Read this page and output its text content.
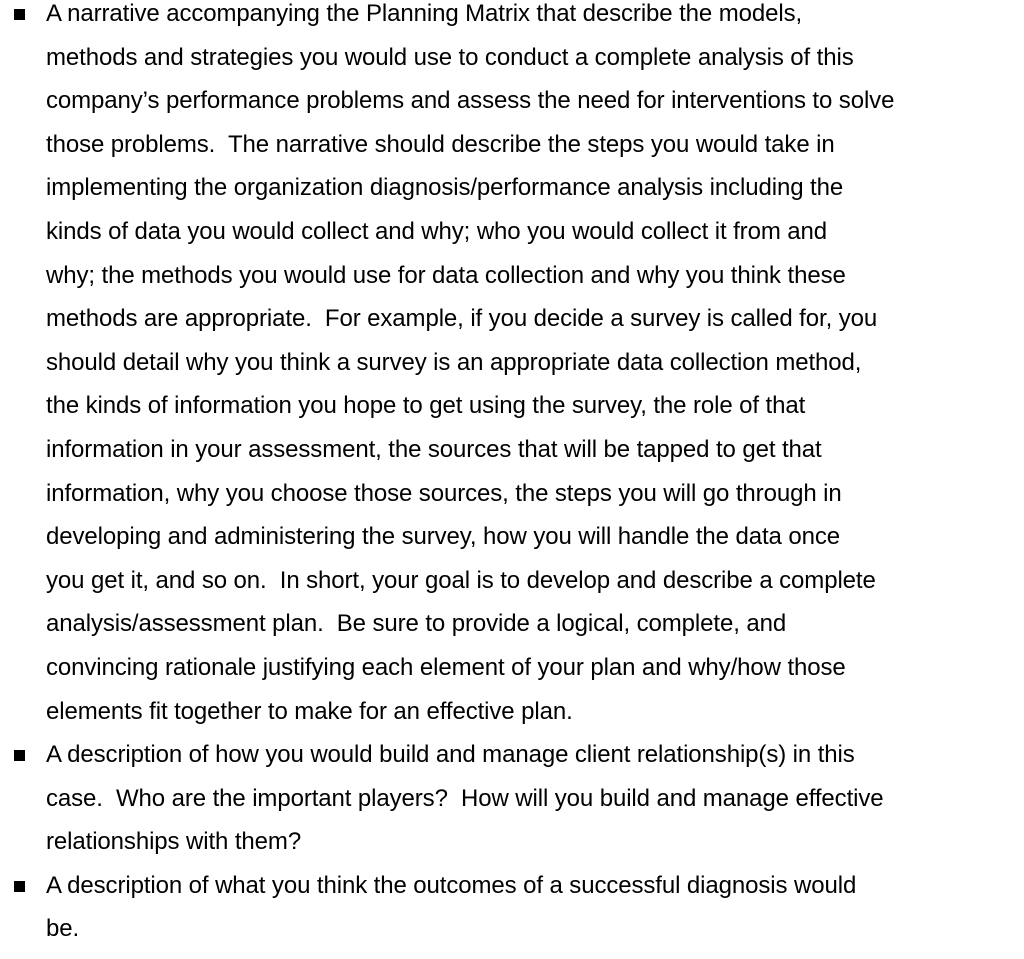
A narrative accompanying the Planning Matrix that describe the models,
methods and strategies you would use to conduct a complete analysis of this
company’s performance problems and assess the need for interventions to solve
those problems.  The narrative should describe the steps you would take in
implementing the organization diagnosis/performance analysis including the
kinds of data you would collect and why; who you would collect it from and
why; the methods you would use for data collection and why you think these
methods are appropriate.  For example, if you decide a survey is called for, you
should detail why you think a survey is an appropriate data collection method,
the kinds of information you hope to get using the survey, the role of that
information in your assessment, the sources that will be tapped to get that
information, why you choose those sources, the steps you will go through in
developing and administering the survey, how you will handle the data once
you get it, and so on.  In short, your goal is to develop and describe a complete
analysis/assessment plan.  Be sure to provide a logical, complete, and
convincing rationale justifying each element of your plan and why/how those
elements fit together to make for an effective plan.
A description of how you would build and manage client relationship(s) in this
case.  Who are the important players?  How will you build and manage effective
relationships with them?
A description of what you think the outcomes of a successful diagnosis would
be.
